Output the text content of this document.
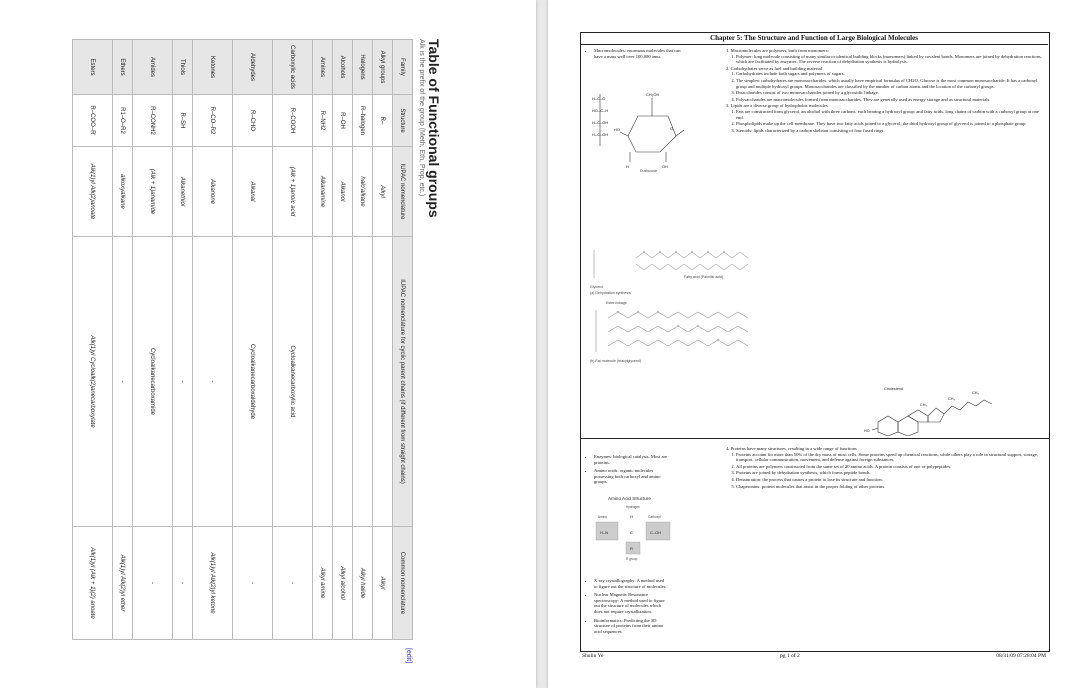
Table of Functional groups
Alk is the prefix of the group (Meth, Eth, Prop, etc.)
Family	Structure	IUPAC nomenclature	IUPAC nomenclature for cyclic parent chains (if different from straight chains)	Common nomenclature
Alkyl groups	R–	Alkyl		Alkyl
Halogens	R–halogen	halo'alkane		Alkyl halide
Alcohols	R–OH	Alkanol		Alkyl alcohol
Amines	R–NH2	Alkanamine		Alkyl amine
Carboxylic acids	R–COOH	(Alk + 1)anoic acid	Cycloalkanecarboxylic acid	-
Aldehydes	R–CHO	Alkanal	Cycloalkanecarboxaldehyde	-
Ketones	R–CO–R2	Alkanone	-	Alk(1)yl Alk(2)yl ketone
Thiols	R–SH	Alkanethiol	-	-
Amides	R–CONH2	(Alk + 1)anamide	Cycloalkanecarboxamide	-
Ethers	R1–O–R2	alkoxyalkane	-	Alk(1)yl Alk(2)yl ether
Esters	R–COO–R'	Alk(1)yl Alk(2)anoate	Alk(1)yl Cycloalk(2)anecarboxylate	Alk(1)yl (Alk + 1)(2) anoate
[edit]
Chapter 5: The Structure and Function of Large Biological Molecules
• Macromolecules: enormous molecules that can have a mass well over 100,000 amu.
CH₂OH
O
HO
H	OH
H–C–O
HO–C–H
H–C–OH
H–C–OH
D-glucose
Glycerol
Fatty acid (Palmitic acid)
(a) Dehydration synthesis
Ester linkage
(b) Fat molecule (triacylglycerol)
1. Macromolecules are polymers, built from monomers:
1. Polymer: long molecule consisting of many similar or identical building blocks (monomers) linked by covalent bonds. Monomers are joined by dehydration reactions, which are facilitated by enzymes. The reverse reaction of dehydration synthesis is hydrolysis.
2. Carbohydrates serve as fuel and building material
1. Carbohydrates include both sugars and polymers of sugars.
2. The simplest carbohydrates are monosaccharides, which usually have empirical formulas of CH2O. Glucose is the most common monosaccharide. It has a carbonyl group and multiple hydroxyl groups. Monosaccharides are classified by the number of carbon atoms and the location of the carbonyl groups.
3. Disaccharides consist of two monosaccharides joined by a glycosidic linkage.
4. Polysaccharides are macromolecules formed from monosaccharides. They are generally used as energy storage and as structural materials.
3. Lipids are a diverse group of hydrophobic molecules
1. Fats are constructed from glycerol, an alcohol with three carbons, each bearing a hydroxyl group; and fatty acids, long chains of carbon with a carboxyl group at one end.
2. Phospholipids make up the cell membrane. They have two fatty acids joined to a glycerol; the third hydroxyl group of glycerol is joined to a phosphate group.
3. Steroids: lipids characterized by a carbon skeleton consisting of four fused rings.
Cholesterol
HO
CH₃
CH₃
CH₃
• Enzymes: biological catalysts. Most are proteins.
• Amino acids: organic molecules possessing both carboxyl and amino groups.
Amino Acid Structure
Hydrogen
Amino	Carboxyl
R group
H
C
H–N	C–OH
R
• X-ray crystallography: A method used to figure out the structure of molecules.
• Nuclear Magnetic Resonance spectroscopy: A method used to figure out the structure of molecules which does not require crystallization.
• Bioinformatics: Predicting the 3D structure of proteins from their amino acid sequences.
4. Proteins have many structures, resulting in a wide range of functions
1. Proteins account for more than 50% of the dry mass of most cells. Some proteins speed up chemical reactions, while others play a role in structural support, storage, transport, cellular communication, movement, and defense against foreign substances.
2. All proteins are polymers constructed from the same set of 20 amino acids. A protein consists of one or polypeptides.
3. Proteins are joined by dehydration synthesis, which forms peptide bonds.
4. Denaturation: the process that causes a protein to lose its structure and function.
5. Chaperonins: protein molecules that assist in the proper folding of other proteins.
Shulin Ye	pg 1 of 2	08/31/09 07:28:04 PM
